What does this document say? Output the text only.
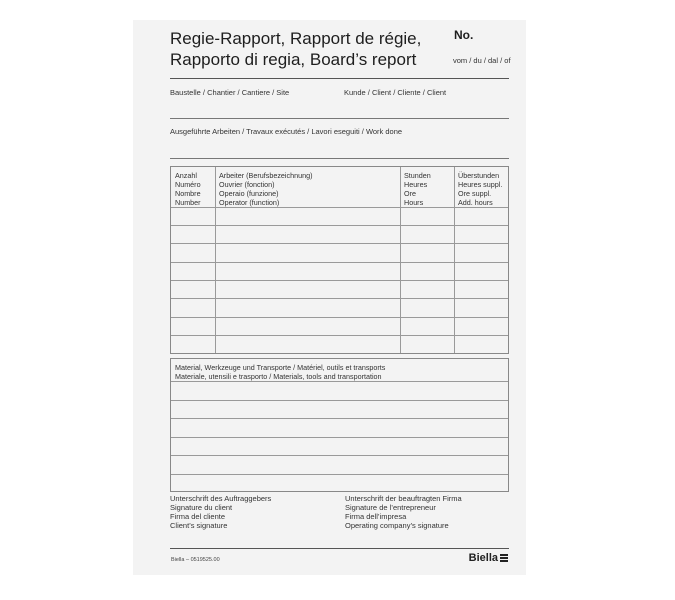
Regie-Rapport, Rapport de régie,
Rapporto di regia, Board’s report
No.
vom / du / dal / of
Baustelle / Chantier / Cantiere / Site	Kunde / Client / Cliente / Client
Ausgeführte Arbeiten / Travaux exécutés / Lavori eseguiti / Work done
Anzahl
Numéro
Nombre
Number
Arbeiter (Berufsbezeichnung)
Ouvrier (fonction)
Operaio (funzione)
Operator (function)
Stunden
Heures
Ore
Hours
Überstunden
Heures suppl.
Ore suppl.
Add. hours
Material, Werkzeuge und Transporte / Matériel, outils et transports
Materiale, utensili e trasporto / Materials, tools and transportation
Unterschrift des Auftraggebers
Signature du client
Firma del cliente
Client’s signature
Unterschrift der beauftragten Firma
Signature de l’entrepreneur
Firma dell’impresa
Operating company’s signature
Biella – 0519525.00	Biella
